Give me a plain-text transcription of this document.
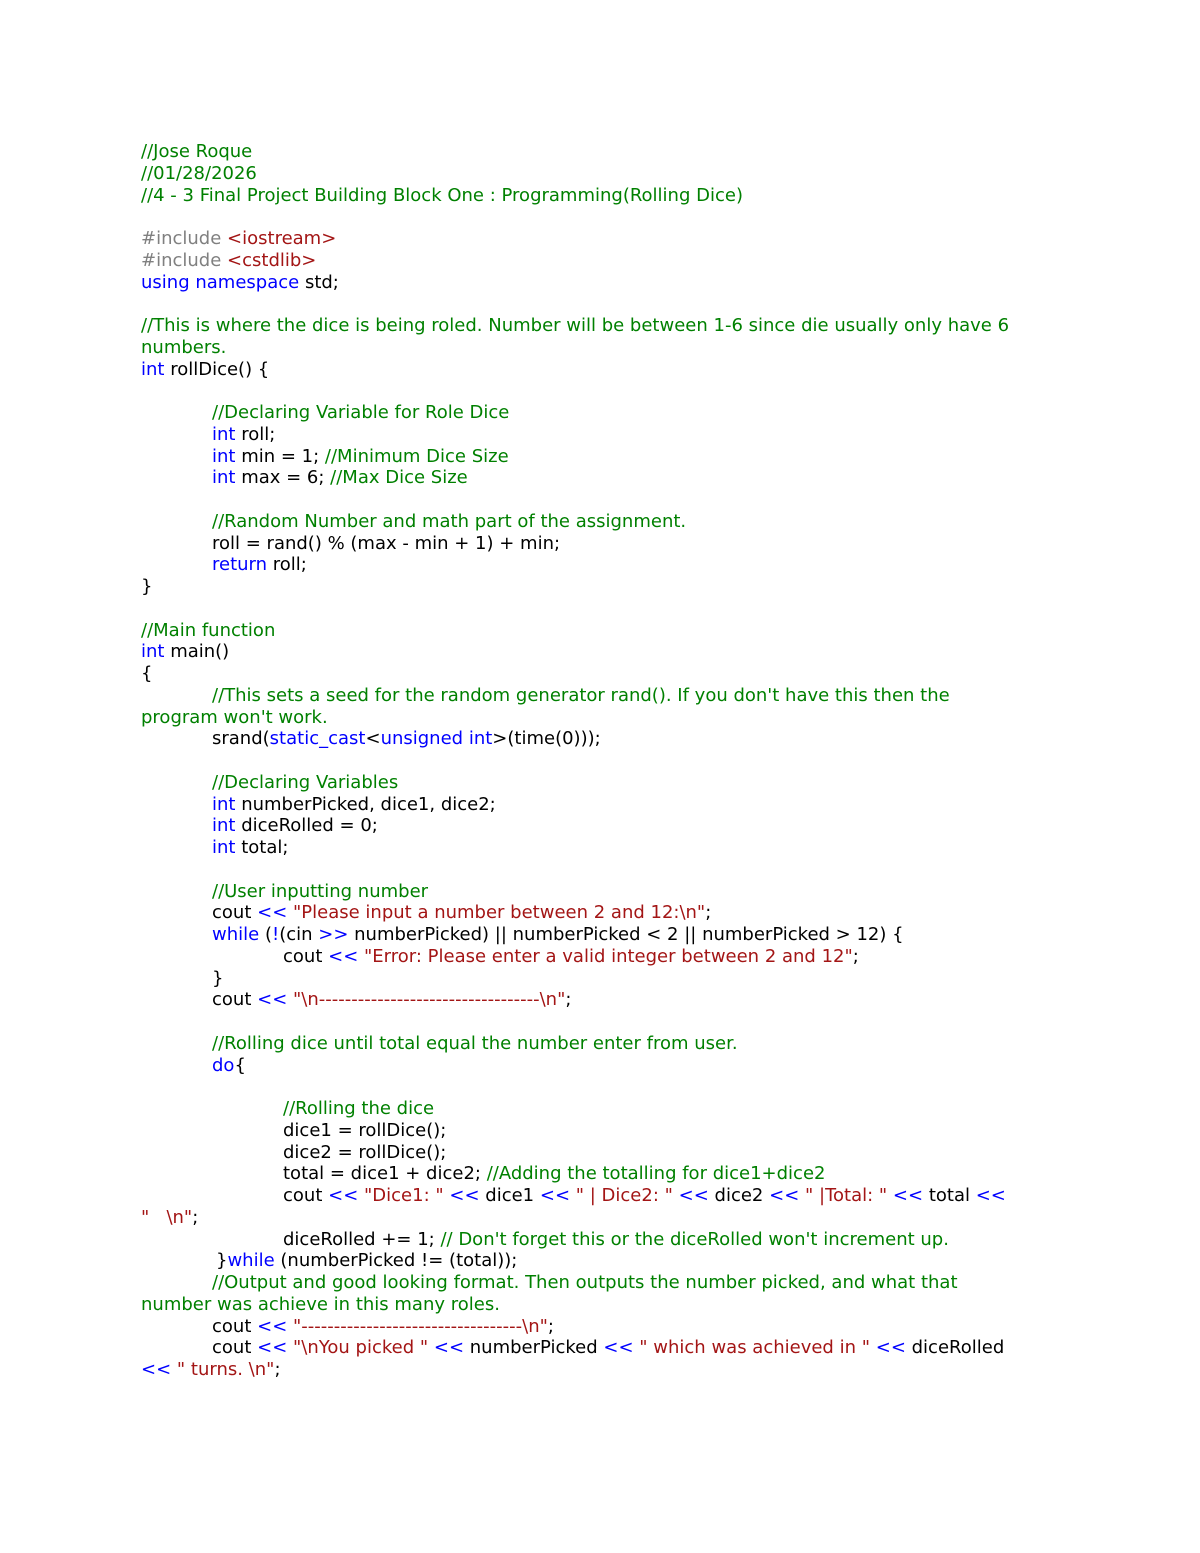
//Jose Roque
//01/28/2026
//4 - 3 Final Project Building Block One : Programming(Rolling Dice)
#include <iostream>
#include <cstdlib>
using namespace std;
//This is where the dice is being roled. Number will be between 1-6 since die usually only have 6
numbers.
int rollDice() {
//Declaring Variable for Role Dice
int roll;
int min = 1; //Minimum Dice Size
int max = 6; //Max Dice Size
//Random Number and math part of the assignment.
roll = rand() % (max - min + 1) + min;
return roll;
}
//Main function
int main()
{
//This sets a seed for the random generator rand(). If you don't have this then the
program won't work.
srand(static_cast<unsigned int>(time(0)));
//Declaring Variables
int numberPicked, dice1, dice2;
int diceRolled = 0;
int total;
//User inputting number
cout << "Please input a number between 2 and 12:\n";
while (!(cin >> numberPicked) || numberPicked < 2 || numberPicked > 12) {
cout << "Error: Please enter a valid integer between 2 and 12";
}
cout << "\n----------------------------------\n";
//Rolling dice until total equal the number enter from user.
do{
//Rolling the dice
dice1 = rollDice();
dice2 = rollDice();
total = dice1 + dice2; //Adding the totalling for dice1+dice2
cout << "Dice1: " << dice1 << " | Dice2: " << dice2 << " |Total: " << total <<
"   \n";
diceRolled += 1; // Don't forget this or the diceRolled won't increment up.
}while (numberPicked != (total));
//Output and good looking format. Then outputs the number picked, and what that
number was achieve in this many roles.
cout << "----------------------------------\n";
cout << "\nYou picked " << numberPicked << " which was achieved in " << diceRolled
<< " turns. \n";
